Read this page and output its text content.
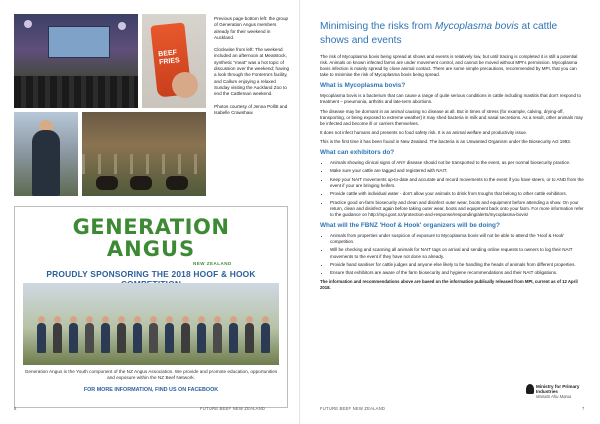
BEEF
FRIES

Previous page bottom left: the group of Generation Angus members already for their weekend in Auckland.

Clockwise from left: The weekend included an afternoon at Meatstock, synthetic "meat" was a hot topic of discussion over the weekend; having a look through the Fonterra's facility, and Callum enjoying a relaxed Sunday visiting the Auckland Zoo to end the Cattleman weekend.

Photos courtesy of Jenna Pollitt and Isabelle Crawshaw.

GENERATION
ANGUS
NEW ZEALAND
PROUDLY SPONSORING THE 2018 HOOF & HOOK
Generation Angus is the Youth component of the NZ Angus Association. We provide and promote education, opportunities and exposure within the NZ Beef Network.
FOR MORE INFORMATION, FIND US ON FACEBOOK
6	FUTURE BEEF NEW ZEALAND
Minimising the risks from Mycoplasma bovis at cattle shows and events

The risk of Mycoplasma bovis being spread at shows and events is relatively low, but until tracing is completed it is still a potential risk. Animals on known infected farms are under movement control, and cannot be moved without MPI's permission. Mycoplasma bovis infection is mainly spread by close animal contact. There are some simple precautions, recommended by MPI, that you can take to minimise the risk of Mycoplasma bovis being spread.

What is Mycoplasma bovis?

Mycoplasma bovis is a bacterium that can cause a range of quite serious conditions in cattle including mastitis that don't respond to treatment – pneumonia, arthritis and late-term abortions.

The disease may be dormant in an animal causing no disease at all. But in times of stress (for example, calving, drying-off, transporting, or being exposed to extreme weather) it may shed bacteria in milk and nasal secretions. As a result, other animals may be infected and become ill or carriers themselves.

It does not infect humans and presents no food safety risk. It is an animal welfare and productivity issue.

This is the first time it has been found in New Zealand. The bacteria is an Unwanted Organism under the Biosecurity Act 1993.

What can exhibitors do?
• Animals showing clinical signs of ANY disease should not be transported to the event, as per normal biosecurity practice.
• Make sure your cattle are tagged and registered with NAIT.
• Keep your NAIT movements up-to-date and accurate and record movements to the event if you have steers, or to AND from the event if your are bringing heifers.
• Provide cattle with individual water - don't allow your animals to drink from troughs that belong to other cattle exhibitors.
• Practice good on-farm biosecurity and clean and disinfect outer wear, boots and equipment before attending a show. On your return, clean and disinfect again before taking outer wear, boots and equipment back onto your farm. For more information refer to the guidance on http://mpi.govt.nz/protection-and-response/responding/alerts/mycoplasma-bovis/
What will the FBNZ 'Hoof & Hook' organizers will be doing?
• Animals from properties under suspicion of exposure to Mycoplasma bovis will not be able to attend the 'Hoof & Hook' competition.
• Will be checking and scanning all animals for NAIT tags on arrival and sending online requests to owners to log their NAIT movements to the event if they have not done so already.
• Provide hand sanitiser for cattle judges and anyone else likely to be handling the heads of animals from different properties.
• Ensure that exhibitors are aware of the farm biosecurity and hygiene recommendations and their NAIT obligations.
The information and recommendations above are based on the information publically released from MPI, current as of 12 April 2018.
Ministry for Primary Industries
Manatū Ahu Matua
FUTURE BEEF NEW ZEALAND	7
